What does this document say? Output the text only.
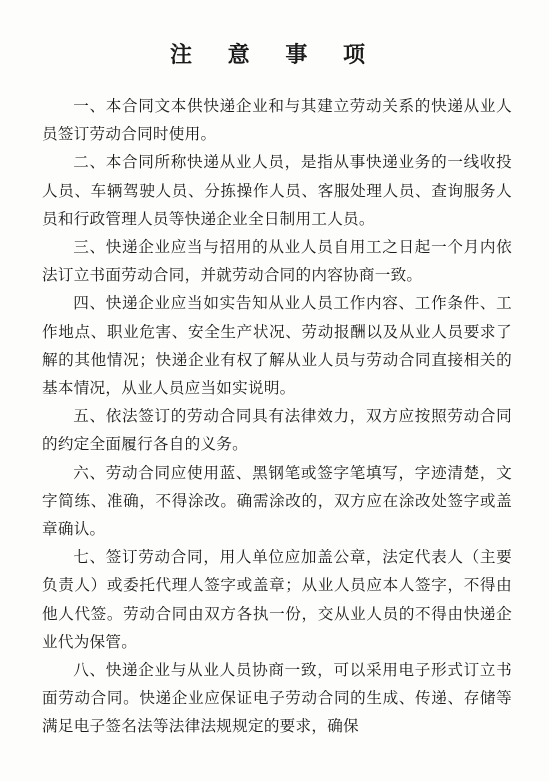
注 意 事 项

一、本合同文本供快递企业和与其建立劳动关系的快递从业人员签订劳动合同时使用。

二、本合同所称快递从业人员，是指从事快递业务的一线收投人员、车辆驾驶人员、分拣操作人员、客服处理人员、查询服务人员和行政管理人员等快递企业全日制用工人员。

三、快递企业应当与招用的从业人员自用工之日起一个月内依法订立书面劳动合同，并就劳动合同的内容协商一致。

四、快递企业应当如实告知从业人员工作内容、工作条件、工作地点、职业危害、安全生产状况、劳动报酬以及从业人员要求了解的其他情况；快递企业有权了解从业人员与劳动合同直接相关的基本情况，从业人员应当如实说明。

五、依法签订的劳动合同具有法律效力，双方应按照劳动合同的约定全面履行各自的义务。

六、劳动合同应使用蓝、黑钢笔或签字笔填写，字迹清楚，文字简练、准确，不得涂改。确需涂改的，双方应在涂改处签字或盖章确认。

七、签订劳动合同，用人单位应加盖公章，法定代表人（主要负责人）或委托代理人签字或盖章；从业人员应本人签字，不得由他人代签。劳动合同由双方各执一份，交从业人员的不得由快递企业代为保管。

八、快递企业与从业人员协商一致，可以采用电子形式订立书面劳动合同。快递企业应保证电子劳动合同的生成、传递、存储等满足电子签名法等法律法规规定的要求，确保
